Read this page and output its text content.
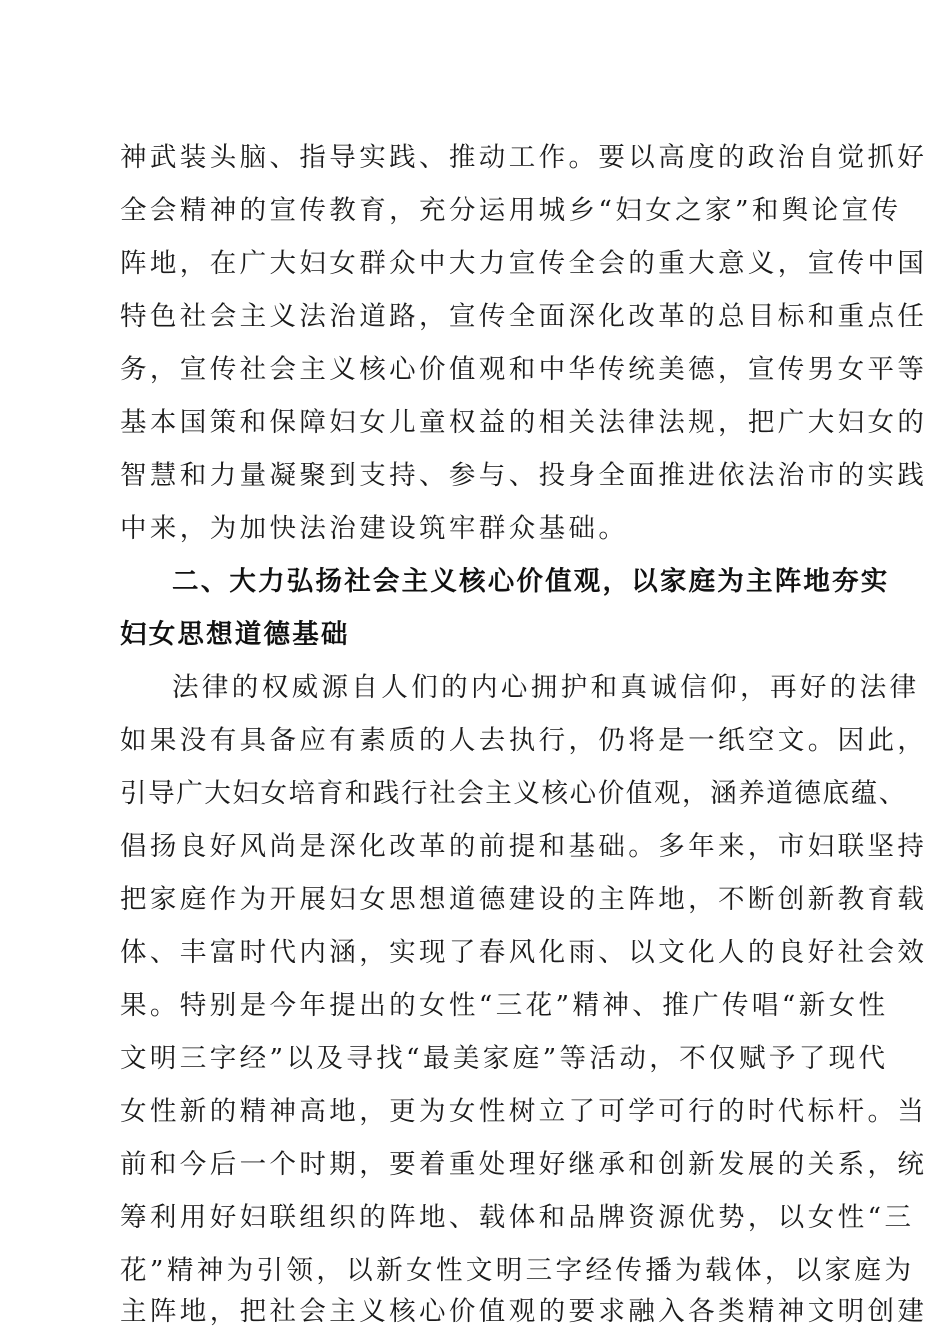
神武装头脑、指导实践、推动工作。要以高度的政治自觉抓好
全会精神的宣传教育，充分运用城乡“妇女之家”和舆论宣传
阵地，在广大妇女群众中大力宣传全会的重大意义，宣传中国
特色社会主义法治道路，宣传全面深化改革的总目标和重点任
务，宣传社会主义核心价值观和中华传统美德，宣传男女平等
基本国策和保障妇女儿童权益的相关法律法规，把广大妇女的
智慧和力量凝聚到支持、参与、投身全面推进依法治市的实践
中来，为加快法治建设筑牢群众基础。
二、大力弘扬社会主义核心价值观，以家庭为主阵地夯实
妇女思想道德基础
法律的权威源自人们的内心拥护和真诚信仰，再好的法律
如果没有具备应有素质的人去执行，仍将是一纸空文。因此，
引导广大妇女培育和践行社会主义核心价值观，涵养道德底蕴、
倡扬良好风尚是深化改革的前提和基础。多年来，市妇联坚持
把家庭作为开展妇女思想道德建设的主阵地，不断创新教育载
体、丰富时代内涵，实现了春风化雨、以文化人的良好社会效
果。特别是今年提出的女性“三花”精神、推广传唱“新女性
文明三字经”以及寻找“最美家庭”等活动，不仅赋予了现代
女性新的精神高地，更为女性树立了可学可行的时代标杆。当
前和今后一个时期，要着重处理好继承和创新发展的关系，统
筹利用好妇联组织的阵地、载体和品牌资源优势，以女性“三
花”精神为引领，以新女性文明三字经传播为载体，以家庭为
主阵地，把社会主义核心价值观的要求融入各类精神文明创建
